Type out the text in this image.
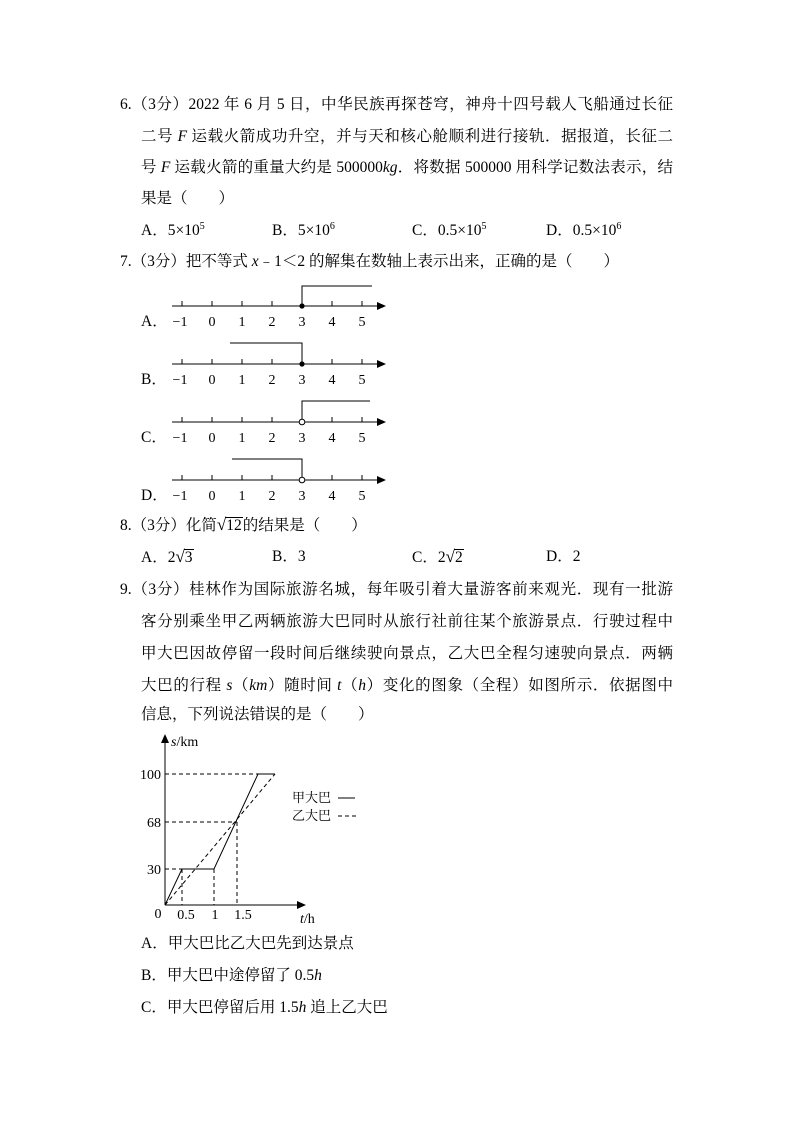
6.（3分）2022 年 6 月 5 日，中华民族再探苍穹，神舟十四号载人飞船通过长征
二号 F 运载火箭成功升空，并与天和核心舱顺利进行接轨．据报道，长征二
号 F 运载火箭的重量大约是 500000kg．将数据 500000 用科学记数法表示，结
果是（　　）
A．$5\times 10^5$	B．$5\times 10^6$	C．$0.5\times 10^5$	D．$0.5\times 10^6$
7.（3分）把不等式 x﹣1＜2 的解集在数轴上表示出来，正确的是（　　）
A． −1 0 1 2 3 4 5
B． −1 0 1 2 3 4 5
C． −1 0 1 2 3 4 5
D． −1 0 1 2 3 4 5
8.（3分）化简√12的结果是（　　）
A．2√3	B．3	C．2√2	D．2
9.（3分）桂林作为国际旅游名城，每年吸引着大量游客前来观光．现有一批游
客分别乘坐甲乙两辆旅游大巴同时从旅行社前往某个旅游景点．行驶过程中
甲大巴因故停留一段时间后继续驶向景点，乙大巴全程匀速驶向景点．两辆
大巴的行程 s（km）随时间 t（h）变化的图象（全程）如图所示．依据图中
信息，下列说法错误的是（　　）
s/km
t/h
100
68
30
0 0.5 1 1.5
甲大巴
乙大巴
A．甲大巴比乙大巴先到达景点
B．甲大巴中途停留了 0.5h
C．甲大巴停留后用 1.5h 追上乙大巴
